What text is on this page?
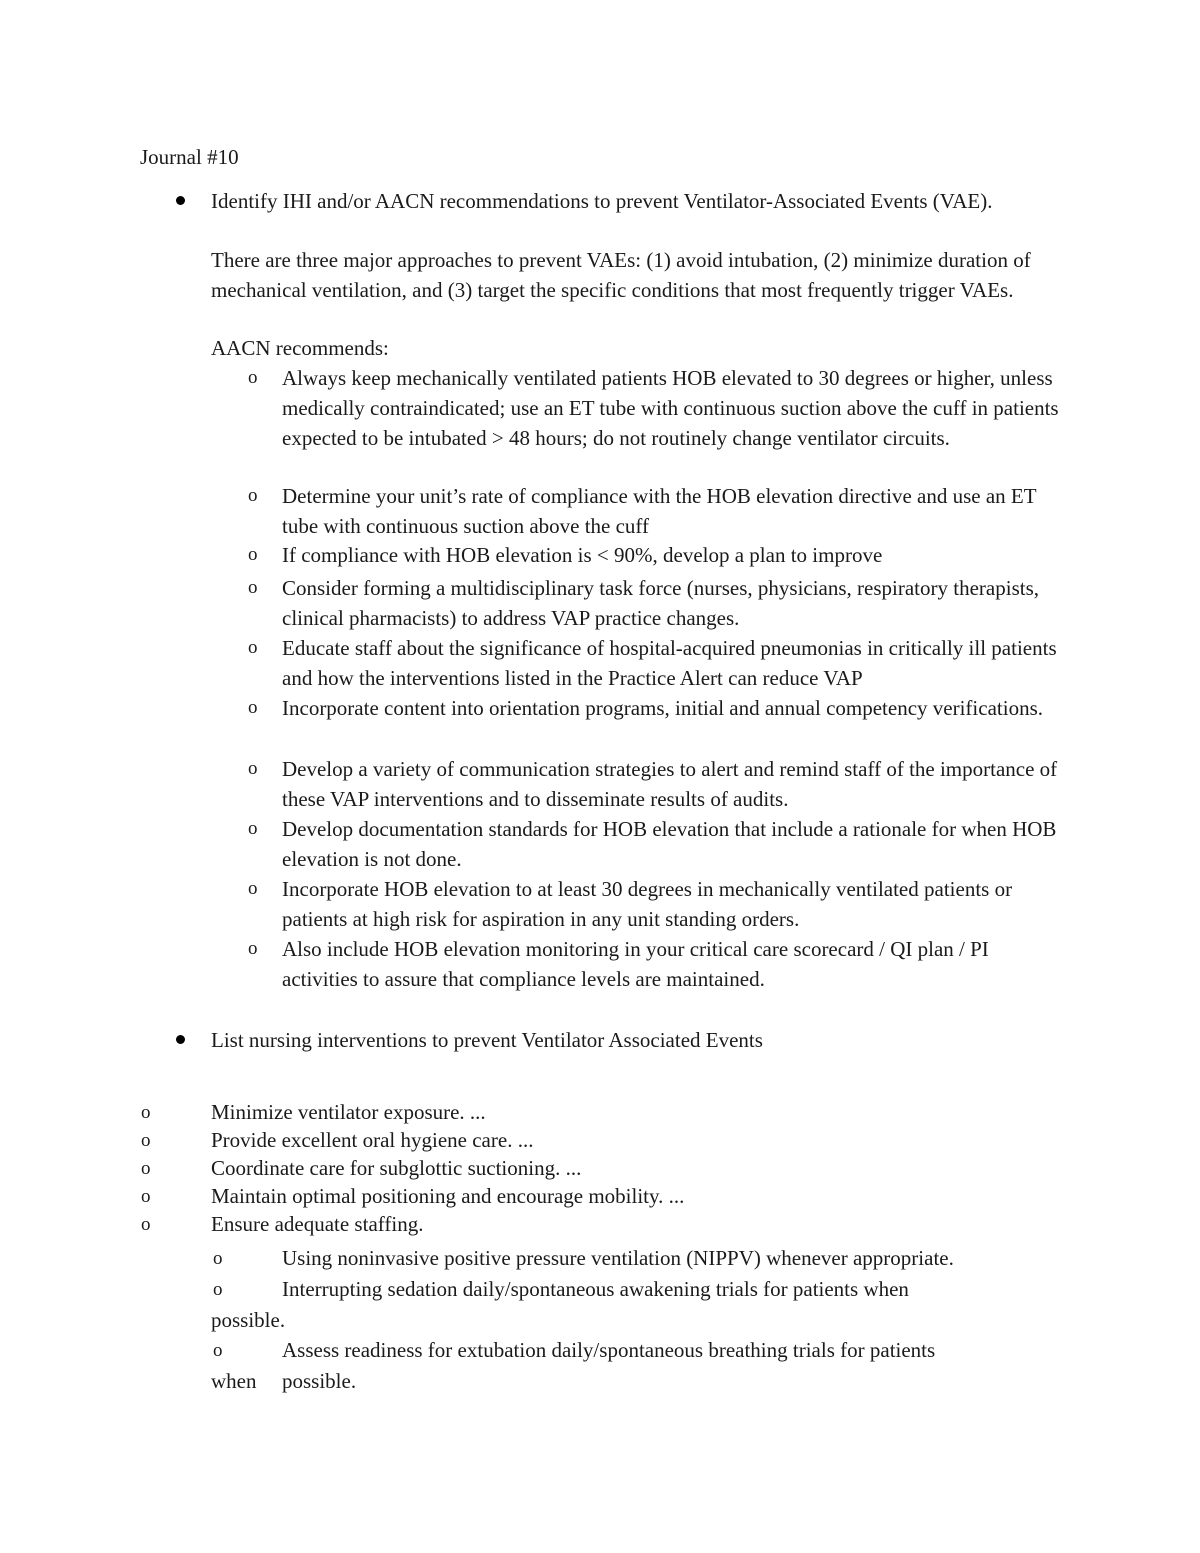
Journal #10
Identify IHI and/or AACN recommendations to prevent Ventilator-Associated Events (VAE).
There are three major approaches to prevent VAEs: (1) avoid intubation, (2) minimize duration of mechanical ventilation, and (3) target the specific conditions that most frequently trigger VAEs.
AACN recommends:
o Always keep mechanically ventilated patients HOB elevated to 30 degrees or higher, unless medically contraindicated; use an ET tube with continuous suction above the cuff in patients expected to be intubated > 48 hours; do not routinely change ventilator circuits.
o Determine your unit’s rate of compliance with the HOB elevation directive and use an ET tube with continuous suction above the cuff
o If compliance with HOB elevation is < 90%, develop a plan to improve
o Consider forming a multidisciplinary task force (nurses, physicians, respiratory therapists, clinical pharmacists) to address VAP practice changes.
o Educate staff about the significance of hospital-acquired pneumonias in critically ill patients and how the interventions listed in the Practice Alert can reduce VAP
o Incorporate content into orientation programs, initial and annual competency verifications.
o Develop a variety of communication strategies to alert and remind staff of the importance of these VAP interventions and to disseminate results of audits.
o Develop documentation standards for HOB elevation that include a rationale for when HOB elevation is not done.
o Incorporate HOB elevation to at least 30 degrees in mechanically ventilated patients or patients at high risk for aspiration in any unit standing orders.
o Also include HOB elevation monitoring in your critical care scorecard / QI plan / PI activities to assure that compliance levels are maintained.
List nursing interventions to prevent Ventilator Associated Events
o	Minimize ventilator exposure. ...
o	Provide excellent oral hygiene care. ...
o	Coordinate care for subglottic suctioning. ...
o	Maintain optimal positioning and encourage mobility. ...
o	Ensure adequate staffing.
o	Using noninvasive positive pressure ventilation (NIPPV) whenever appropriate.
o	Interrupting sedation daily/spontaneous awakening trials for patients when
possible.
o	Assess readiness for extubation daily/spontaneous breathing trials for patients
when	possible.
